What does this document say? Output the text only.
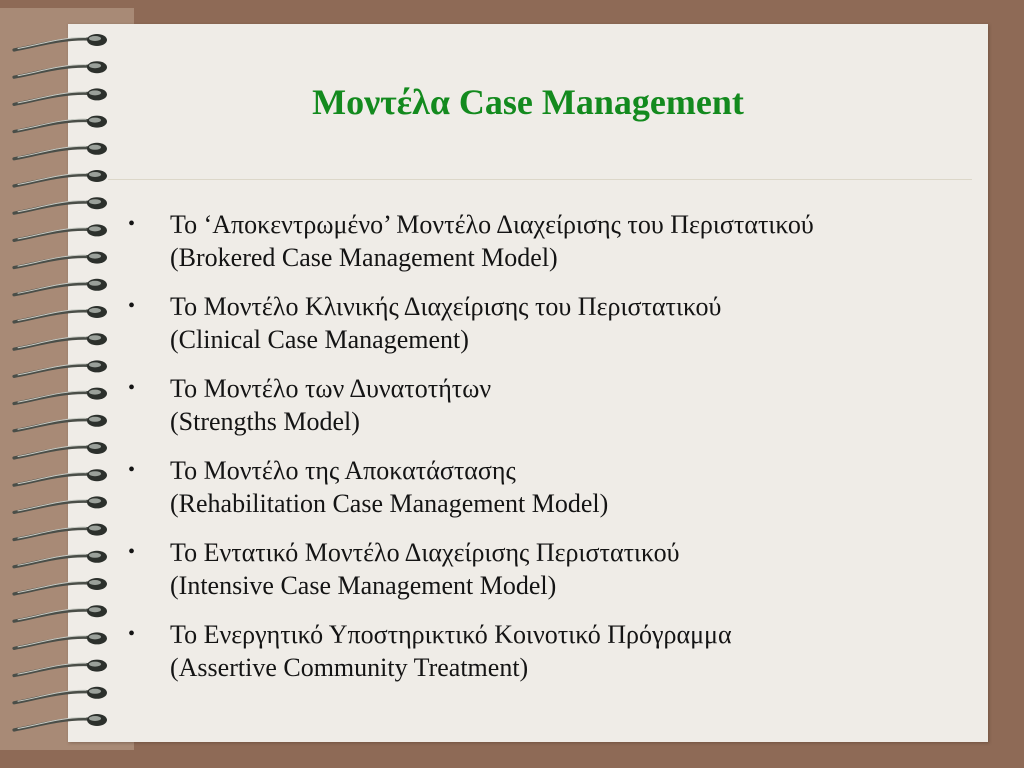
Μοντέλα Case Management
•	Το ‘Αποκεντρωμένο’ Μοντέλο Διαχείρισης του Περιστατικού
(Brokered Case Management Model)
•	Το Μοντέλο Κλινικής Διαχείρισης του Περιστατικού
(Clinical Case Management)
•	Το Μοντέλο των Δυνατοτήτων
(Strengths Model)
•	Το Μοντέλο της Αποκατάστασης
(Rehabilitation Case Management Model)
•	Το Εντατικό Μοντέλο Διαχείρισης Περιστατικού
(Intensive Case Management Model)
•	Το Ενεργητικό Υποστηρικτικό Κοινοτικό Πρόγραμμα
(Assertive Community Treatment)
